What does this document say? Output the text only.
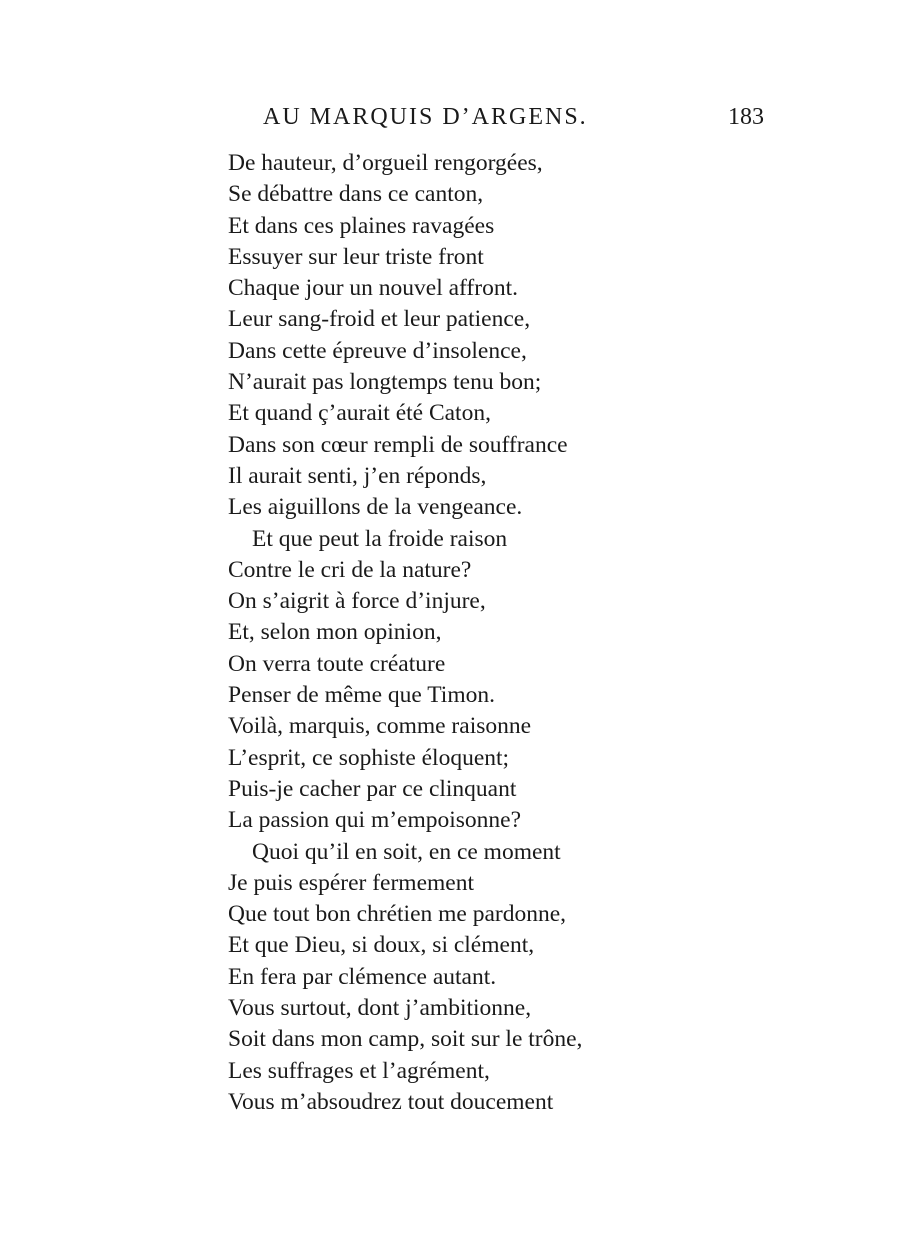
AU MARQUIS D’ARGENS.	183
De hauteur, d’orgueil rengorgées,
Se débattre dans ce canton,
Et dans ces plaines ravagées
Essuyer sur leur triste front
Chaque jour un nouvel affront.
Leur sang-froid et leur patience,
Dans cette épreuve d’insolence,
N’aurait pas longtemps tenu bon;
Et quand ç’aurait été Caton,
Dans son cœur rempli de souffrance
Il aurait senti, j’en réponds,
Les aiguillons de la vengeance.
Et que peut la froide raison
Contre le cri de la nature?
On s’aigrit à force d’injure,
Et, selon mon opinion,
On verra toute créature
Penser de même que Timon.
Voilà, marquis, comme raisonne
L’esprit, ce sophiste éloquent;
Puis-je cacher par ce clinquant
La passion qui m’empoisonne?
Quoi qu’il en soit, en ce moment
Je puis espérer fermement
Que tout bon chrétien me pardonne,
Et que Dieu, si doux, si clément,
En fera par clémence autant.
Vous surtout, dont j’ambitionne,
Soit dans mon camp, soit sur le trône,
Les suffrages et l’agrément,
Vous m’absoudrez tout doucement
